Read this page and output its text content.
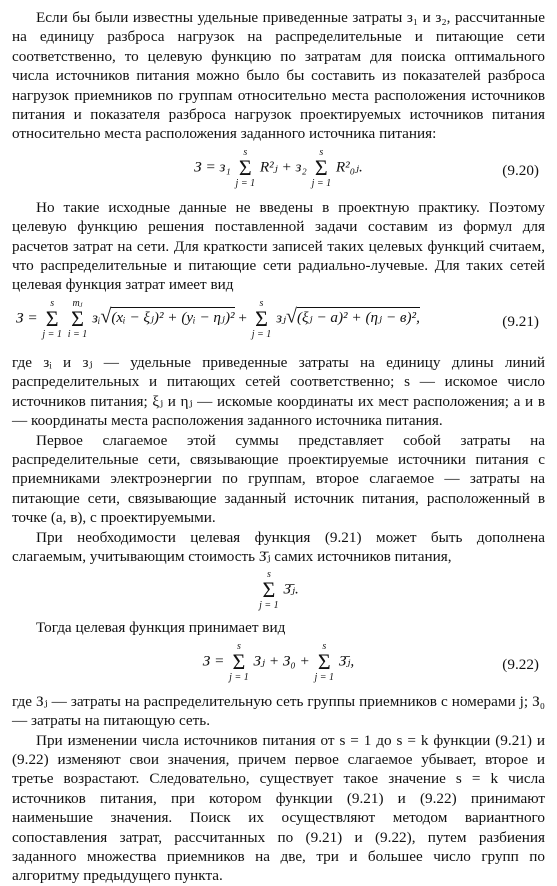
Если бы были известны удельные приведенные затраты з₁ и з₂, рассчитанные на единицу разброса нагрузок на распределительные и питающие сети соответственно, то целевую функцию по затратам для поиска оптимального числа источников питания можно было бы составить из показателей разброса нагрузок приемников по группам относительно места расположения источников питания и показателя разброса нагрузок проектируемых источников питания относительно места расположения заданного источника питания:

З = з₁
s
Σ
j = 1
R²ⱼ + з₂
s
Σ
j = 1
R²₀ⱼ.	(9.20)

Но такие исходные данные не введены в проектную практику. Поэтому целевую функцию решения поставленной задачи составим из формул для расчетов затрат на сети. Для краткости записей таких целевых функций считаем, что распределительные и питающие сети радиально-лучевые. Для таких сетей целевая функция затрат имеет вид

З =
s
Σ
j = 1

mⱼ
Σ
i = 1
зᵢ√(xᵢ − ξⱼ)² + (yᵢ − ηⱼ)² +
s
Σ
j = 1
зⱼ√(ξⱼ − a)² + (ηⱼ − в)²,	(9.21)

где зᵢ и зⱼ — удельные приведенные затраты на единицу длины линий распределительных и питающих сетей соответственно; s — искомое число источников питания; ξⱼ и ηⱼ — искомые координаты их мест расположения; a и в — координаты места расположения заданного источника питания.

Первое слагаемое этой суммы представляет собой затраты на распределительные сети, связывающие проектируемые источники питания с приемниками электроэнергии по группам, второе слагаемое — затраты на питающие сети, связывающие заданный источник питания, расположенный в точке (a, в), с проектируемыми.

При необходимости целевая функция (9.21) может быть дополнена слагаемым, учитывающим стоимость З̄ⱼ самих источников питания,

s
Σ
j = 1
З̄ⱼ.

Тогда целевая функция принимает вид

З =
s
Σ
j = 1
Зⱼ + З₀ +
s
Σ
j = 1
З̄ⱼ,	(9.22)

где Зⱼ — затраты на распределительную сеть группы приемников с номерами j; З₀ — затраты на питающую сеть.

При изменении числа источников питания от s = 1 до s = k функции (9.21) и (9.22) изменяют свои значения, причем первое слагаемое убывает, второе и третье возрастают. Следовательно, существует такое значение s = k числа источников питания, при котором функции (9.21) и (9.22) принимают наименьшие значения. Поиск их осуществляют методом вариантного сопоставления затрат, рассчитанных по (9.21) и (9.22), путем разбиения заданного множества приемников на две, три и большее число групп по алгоритму предыдущего пункта.
